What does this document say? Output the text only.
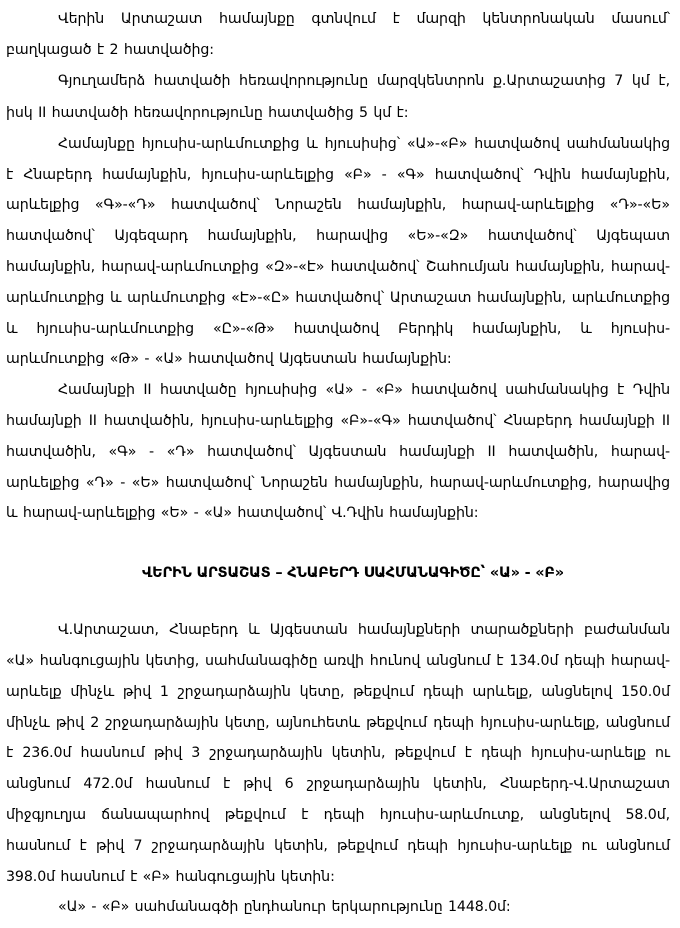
Վերին Արտաշատ համայնքը գտնվում է մարզի կենտրոնական մասում՝ բաղկացած է 2 հատվածից:

Գյուղամերձ հատվածի հեռավորությունը մարզկենտրոն ք.Արտաշատից 7 կմ է, իսկ II հատվածի հեռավորությունը հատվածից 5 կմ է:

Համայնքը հյուսիս-արևմուտքից և հյուսիսից՝ «Ա»-«Բ» հատվածով սահմանակից է Հնաբերդ համայնքին, հյուսիս-արևելքից «Բ» - «Գ» հատվածով՝ Դվին համայնքին, արևելքից «Գ»-«Դ» հատվածով՝ Նորաշեն համայնքին, հարավ-արևելքից «Դ»-«Ե» հատվածով՝ Այգեզարդ համայնքին, հարավից «Ե»-«Զ» հատվածով՝ Այգեպատ համայնքին, հարավ-արևմուտքից «Զ»-«Է» հատվածով՝ Շահումյան համայնքին, հարավ-արևմուտքից և արևմուտքից «Է»-«Ը» հատվածով՝ Արտաշատ համայնքին, արևմուտքից և հյուսիս-արևմուտքից «Ը»-«Թ» հատվածով Բերդիկ համայնքին, և հյուսիս-արևմուտքից «Թ» - «Ա» հատվածով Այգեստան համայնքին:

Համայնքի II հատվածը հյուսիսից «Ա» - «Բ» հատվածով սահմանակից է Դվին համայնքի II հատվածին, հյուսիս-արևելքից «Բ»-«Գ» հատվածով՝ Հնաբերդ համայնքի II հատվածին, «Գ» - «Դ» հատվածով՝ Այգեստան համայնքի II հատվածին, հարավ-արևելքից «Դ» - «Ե» հատվածով՝ Նորաշեն համայնքին, հարավ-արևմուտքից, հարավից և հարավ-արևելքից «Ե» - «Ա» հատվածով՝ Վ.Դվին համայնքին:

ՎԵՐԻՆ ԱՐՏԱՇԱՏ – ՀՆԱԲԵՐԴ ՍԱՀՄԱՆԱԳԻԾԸ՝ «Ա» - «Բ»

Վ.Արտաշատ, Հնաբերդ և Այգեստան համայնքների տարածքների բաժանման «Ա» հանգուցային կետից, սահմանագիծը առվի հունով անցնում է 134.0մ դեպի հարավ-արևելք մինչև թիվ 1 շրջադարձային կետը, թեքվում դեպի արևելք, անցնելով 150.0մ մինչև թիվ 2 շրջադարձային կետը, այնուհետև թեքվում դեպի հյուսիս-արևելք, անցնում է 236.0մ հասնում թիվ 3 շրջադարձային կետին, թեքվում է դեպի հյուսիս-արևելք ու անցնում 472.0մ հասնում է թիվ 6 շրջադարձային կետին, Հնաբերդ-Վ.Արտաշատ միջգյուղյա ճանապարհով թեքվում է դեպի հյուսիս-արևմուտք, անցնելով 58.0մ, հասնում է թիվ 7 շրջադարձային կետին, թեքվում դեպի հյուսիս-արևելք ու անցնում 398.0մ հասնում է «Բ» հանգուցային կետին:

«Ա» - «Բ» սահմանագծի ընդհանուր երկարությունը 1448.0մ:
